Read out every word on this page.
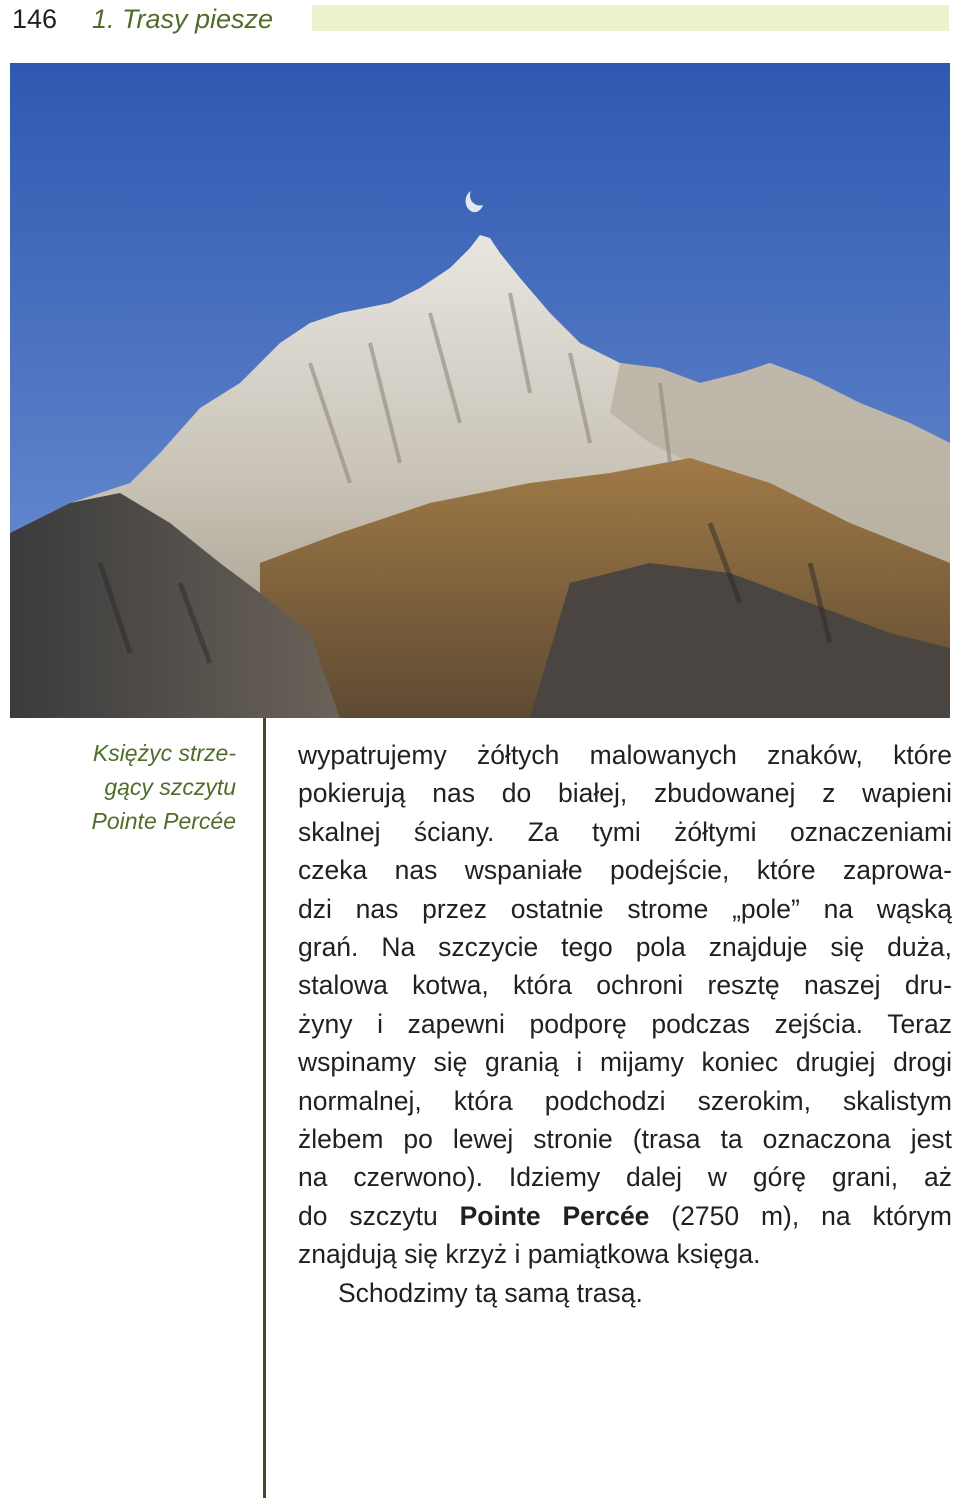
146 1. Trasy piesze
Księżyc strze-
gący szczytu
Pointe Percée
wypatrujemy żółtych malowanych znaków, które
pokierują nas do białej, zbudowanej z wapieni
skalnej ściany. Za tymi żółtymi oznaczeniami
czeka nas wspaniałe podejście, które zaprowa-
dzi nas przez ostatnie strome „pole” na wąską
grań. Na szczycie tego pola znajduje się duża,
stalowa kotwa, która ochroni resztę naszej dru-
żyny i zapewni podporę podczas zejścia. Teraz
wspinamy się granią i mijamy koniec drugiej drogi
normalnej, która podchodzi szerokim, skalistym
żlebem po lewej stronie (trasa ta oznaczona jest
na czerwono). Idziemy dalej w górę grani, aż
do szczytu Pointe Percée (2750 m), na którym
znajdują się krzyż i pamiątkowa księga.
Schodzimy tą samą trasą.
